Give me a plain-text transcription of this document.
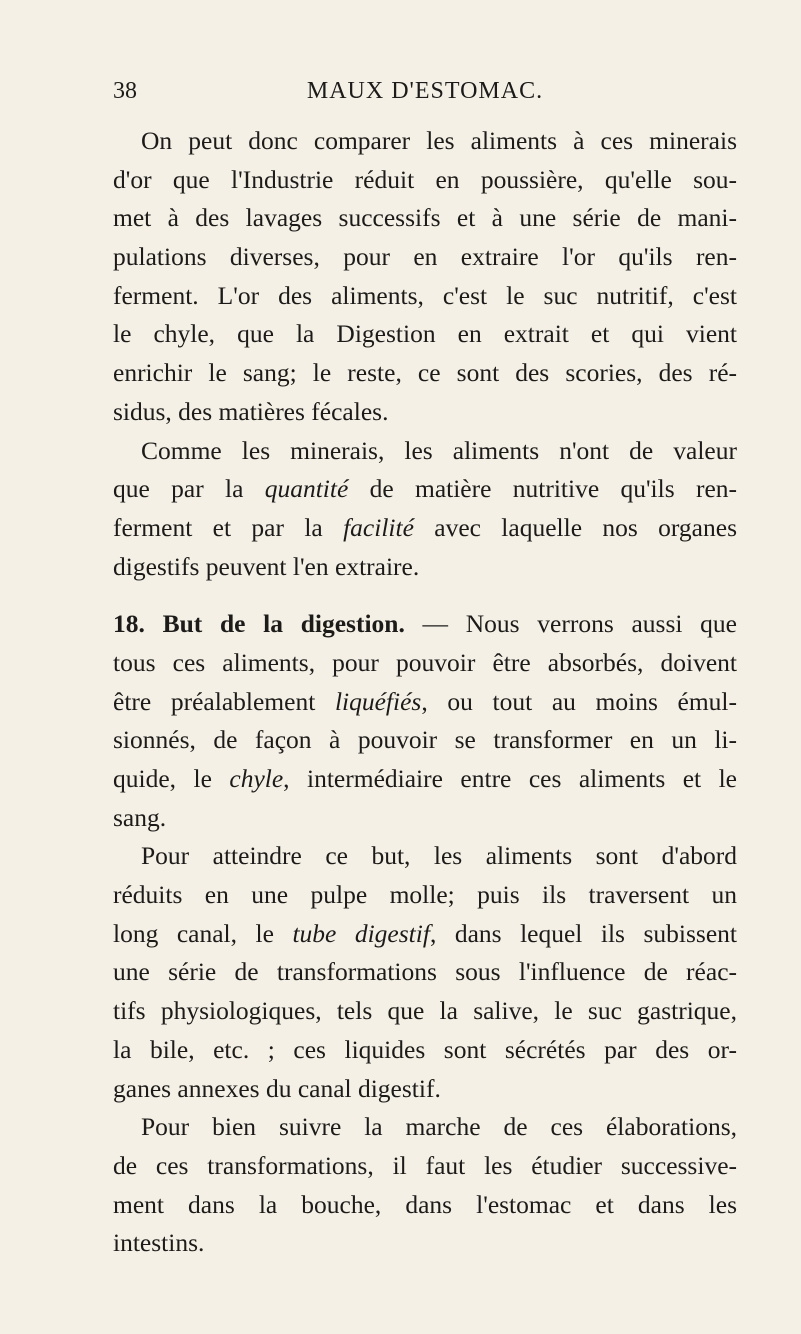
38	MAUX D'ESTOMAC.
On peut donc comparer les aliments à ces minerais
d'or que l'Industrie réduit en poussière, qu'elle sou-
met à des lavages successifs et à une série de mani-
pulations diverses, pour en extraire l'or qu'ils ren-
ferment. L'or des aliments, c'est le suc nutritif, c'est
le chyle, que la Digestion en extrait et qui vient
enrichir le sang; le reste, ce sont des scories, des ré-
sidus, des matières fécales.
Comme les minerais, les aliments n'ont de valeur
que par la quantité de matière nutritive qu'ils ren-
ferment et par la facilité avec laquelle nos organes
digestifs peuvent l'en extraire.
18. But de la digestion. — Nous verrons aussi que
tous ces aliments, pour pouvoir être absorbés, doivent
être préalablement liquéfiés, ou tout au moins émul-
sionnés, de façon à pouvoir se transformer en un li-
quide, le chyle, intermédiaire entre ces aliments et le
sang.
Pour atteindre ce but, les aliments sont d'abord
réduits en une pulpe molle; puis ils traversent un
long canal, le tube digestif, dans lequel ils subissent
une série de transformations sous l'influence de réac-
tifs physiologiques, tels que la salive, le suc gastrique,
la bile, etc. ; ces liquides sont sécrétés par des or-
ganes annexes du canal digestif.
Pour bien suivre la marche de ces élaborations,
de ces transformations, il faut les étudier successive-
ment dans la bouche, dans l'estomac et dans les
intestins.
